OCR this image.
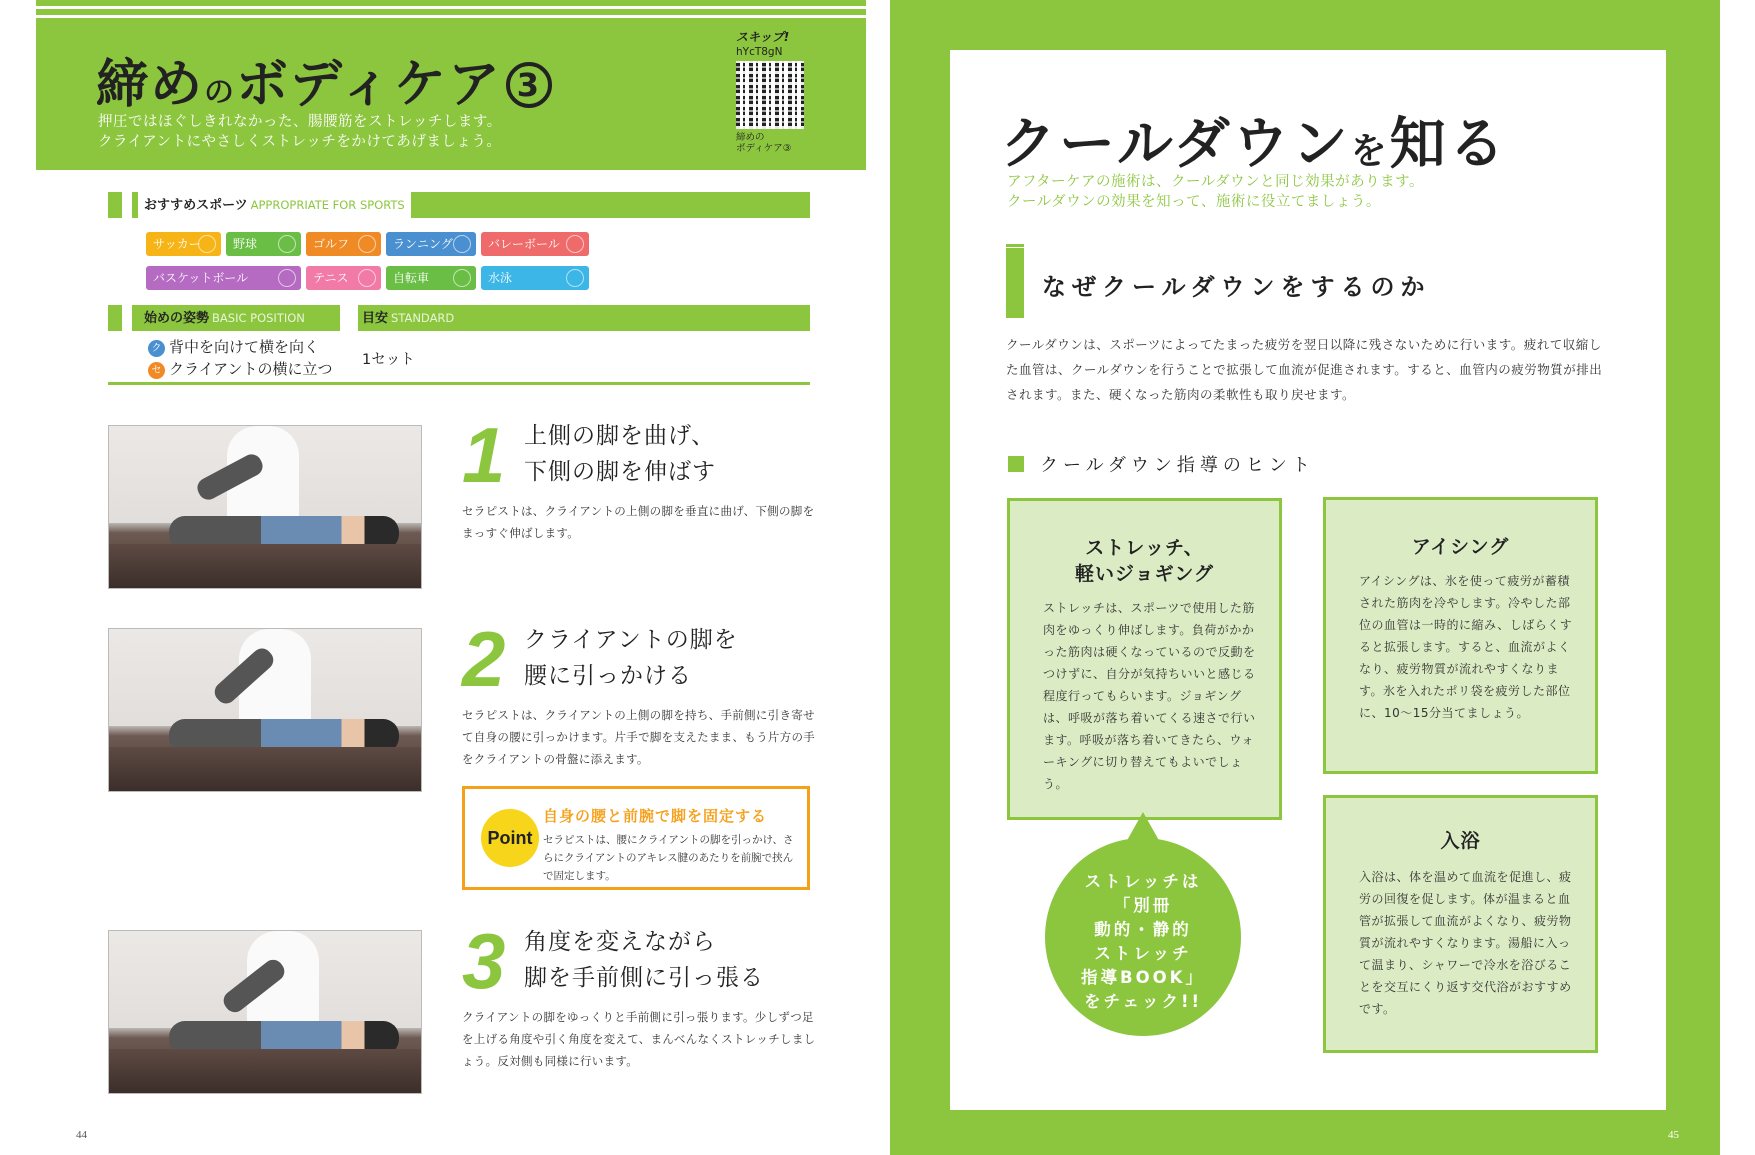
締めのボディケア 3
押圧ではほぐしきれなかった、腸腰筋をストレッチします。
クライアントにやさしくストレッチをかけてあげましょう。
スキップ!
hYcT8gN
締めの
ボディケア③
おすすめスポーツ APPROPRIATE FOR SPORTS
サッカー	野球	ゴルフ	ランニング	バレーボール
バスケットボール	テニス	自転車	水泳
始めの姿勢 BASIC POSITION	目安 STANDARD
ク 背中を向けて横を向く
セ クライアントの横に立つ 1セット
1 上側の脚を曲げ、
下側の脚を伸ばす
セラピストは、クライアントの上側の脚を垂直に曲げ、下側の脚をまっすぐ伸ばします。
2 クライアントの脚を
腰に引っかける
セラピストは、クライアントの上側の脚を持ち、手前側に引き寄せて自身の腰に引っかけます。片手で脚を支えたまま、もう片方の手をクライアントの骨盤に添えます。
Point
自身の腰と前腕で脚を固定する
セラピストは、腰にクライアントの脚を引っかけ、さらにクライアントのアキレス腱のあたりを前腕で挟んで固定します。
3 角度を変えながら
脚を手前側に引っ張る
クライアントの脚をゆっくりと手前側に引っ張ります。少しずつ足を上げる角度や引く角度を変えて、まんべんなくストレッチしましょう。反対側も同様に行います。
44
クールダウンを知る
アフターケアの施術は、クールダウンと同じ効果があります。
クールダウンの効果を知って、施術に役立てましょう。
なぜクールダウンをするのか
クールダウンは、スポーツによってたまった疲労を翌日以降に残さないために行います。疲れて収縮した血管は、クールダウンを行うことで拡張して血流が促進されます。すると、血管内の疲労物質が排出されます。また、硬くなった筋肉の柔軟性も取り戻せます。
クールダウン指導のヒント
ストレッチ、
軽いジョギング
ストレッチは、スポーツで使用した筋肉をゆっくり伸ばします。負荷がかかった筋肉は硬くなっているので反動をつけずに、自分が気持ちいいと感じる程度行ってもらいます。ジョギングは、呼吸が落ち着いてくる速さで行います。呼吸が落ち着いてきたら、ウォーキングに切り替えてもよいでしょう。
アイシング
アイシングは、氷を使って疲労が蓄積された筋肉を冷やします。冷やした部位の血管は一時的に縮み、しばらくすると拡張します。すると、血流がよくなり、疲労物質が流れやすくなります。氷を入れたポリ袋を疲労した部位に、10〜15分当てましょう。
入浴
入浴は、体を温めて血流を促進し、疲労の回復を促します。体が温まると血管が拡張して血流がよくなり、疲労物質が流れやすくなります。湯船に入って温まり、シャワーで冷水を浴びることを交互にくり返す交代浴がおすすめです。
ストレッチは
「別冊
動的・静的
ストレッチ
指導BOOK」
をチェック!!
45
